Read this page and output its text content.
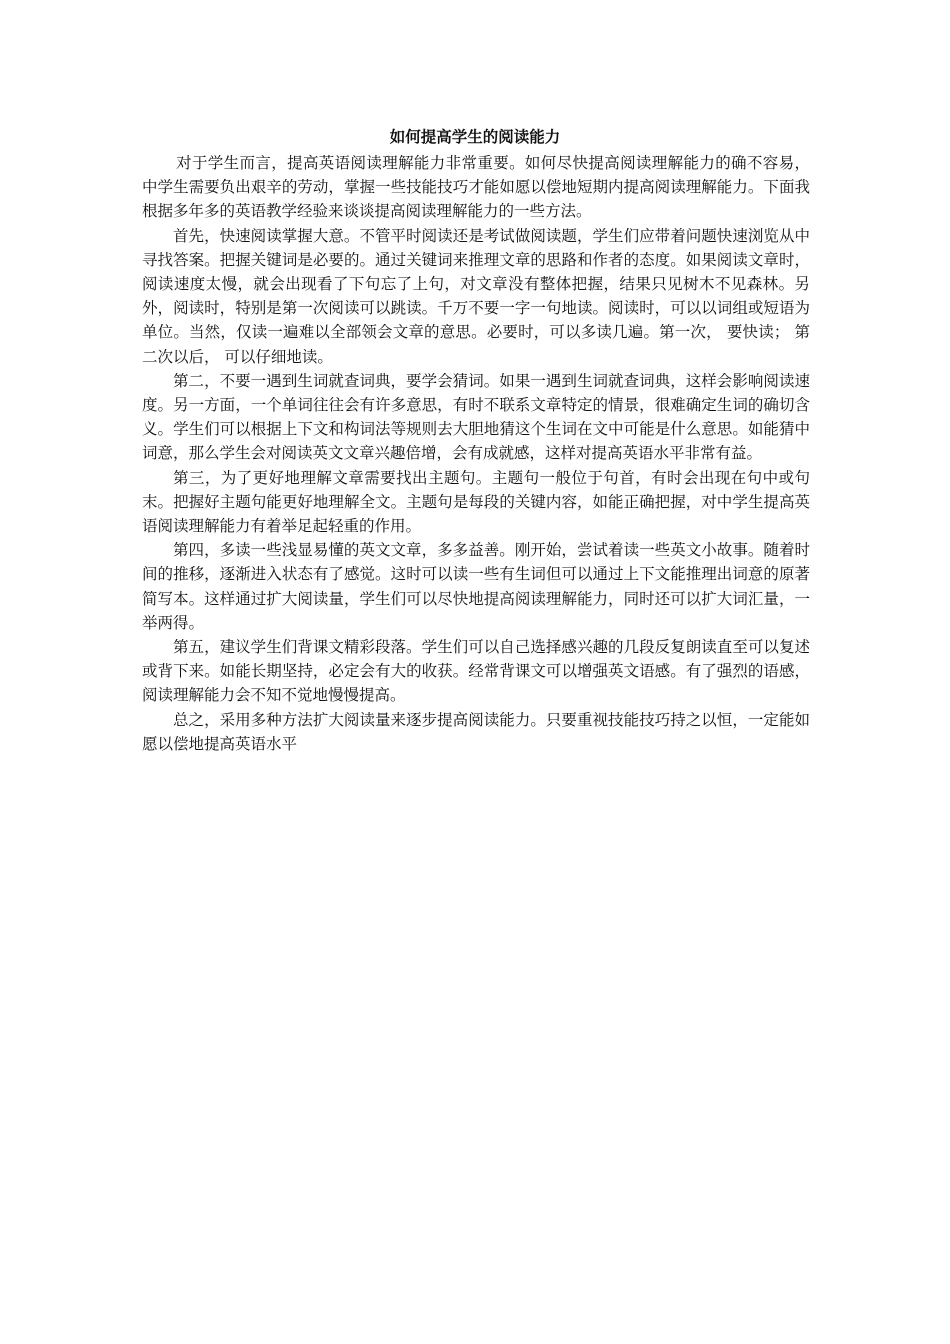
如何提高学生的阅读能力

对于学生而言，提高英语阅读理解能力非常重要。如何尽快提高阅读理解能力的确不容易，中学生需要负出艰辛的劳动，掌握一些技能技巧才能如愿以偿地短期内提高阅读理解能力。下面我根据多年多的英语教学经验来谈谈提高阅读理解能力的一些方法。

首先，快速阅读掌握大意。不管平时阅读还是考试做阅读题，学生们应带着问题快速浏览从中寻找答案。把握关键词是必要的。通过关键词来推理文章的思路和作者的态度。如果阅读文章时，阅读速度太慢，就会出现看了下句忘了上句，对文章没有整体把握，结果只见树木不见森林。另外，阅读时，特别是第一次阅读可以跳读。千万不要一字一句地读。阅读时，可以以词组或短语为单位。当然，仅读一遍难以全部领会文章的意思。必要时，可以多读几遍。第一次， 要快读； 第二次以后， 可以仔细地读。

第二，不要一遇到生词就查词典，要学会猜词。如果一遇到生词就查词典，这样会影响阅读速度。另一方面，一个单词往往会有许多意思，有时不联系文章特定的情景，很难确定生词的确切含义。学生们可以根据上下文和构词法等规则去大胆地猜这个生词在文中可能是什么意思。如能猜中词意，那么学生会对阅读英文文章兴趣倍增，会有成就感，这样对提高英语水平非常有益。

第三，为了更好地理解文章需要找出主题句。主题句一般位于句首，有时会出现在句中或句末。把握好主题句能更好地理解全文。主题句是每段的关键内容，如能正确把握，对中学生提高英语阅读理解能力有着举足起轻重的作用。

第四，多读一些浅显易懂的英文文章，多多益善。刚开始，尝试着读一些英文小故事。随着时间的推移，逐渐进入状态有了感觉。这时可以读一些有生词但可以通过上下文能推理出词意的原著简写本。这样通过扩大阅读量，学生们可以尽快地提高阅读理解能力，同时还可以扩大词汇量，一举两得。

第五，建议学生们背课文精彩段落。学生们可以自己选择感兴趣的几段反复朗读直至可以复述或背下来。如能长期坚持，必定会有大的收获。经常背课文可以增强英文语感。有了强烈的语感，阅读理解能力会不知不觉地慢慢提高。

总之，采用多种方法扩大阅读量来逐步提高阅读能力。只要重视技能技巧持之以恒，一定能如愿以偿地提高英语水平
